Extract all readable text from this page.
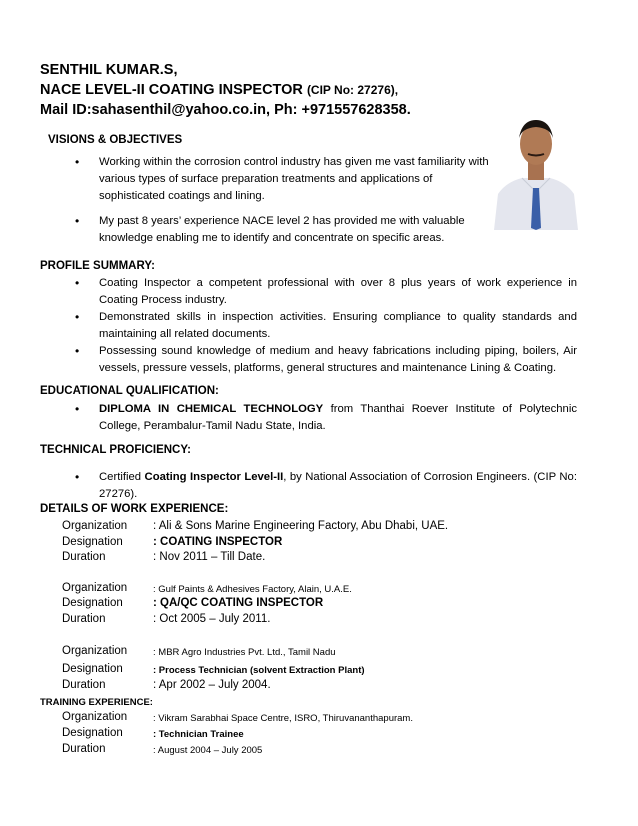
SENTHIL KUMAR.S,
NACE LEVEL-II COATING INSPECTOR (CIP No: 27276),
Mail ID:sahasenthil@yahoo.co.in, Ph: +971557628358.
VISIONS & OBJECTIVES
• Working within the corrosion control industry has given me vast familiarity with various types of surface preparation treatments and applications of sophisticated coatings and lining.
• My past 8 years’ experience NACE level 2 has provided me with valuable knowledge enabling me to identify and concentrate on specific areas.
PROFILE SUMMARY:
• Coating Inspector a competent professional with over 8 plus years of work experience in Coating Process industry.
• Demonstrated skills in inspection activities. Ensuring compliance to quality standards and maintaining all related documents.
• Possessing sound knowledge of medium and heavy fabrications including piping, boilers, Air vessels, pressure vessels, platforms, general structures and maintenance Lining & Coating.
EDUCATIONAL QUALIFICATION:
• DIPLOMA IN CHEMICAL TECHNOLOGY from Thanthai Roever Institute of Polytechnic College, Perambalur-Tamil Nadu State, India.
TECHNICAL PROFICIENCY:
• Certified Coating Inspector Level-II, by National Association of Corrosion Engineers. (CIP No: 27276).
DETAILS OF WORK EXPERIENCE:
Organization : Ali & Sons Marine Engineering Factory, Abu Dhabi, UAE.
Designation	: COATING INSPECTOR
Duration	: Nov 2011 – Till Date.
Organization	: Gulf Paints & Adhesives Factory, Alain, U.A.E.
Designation	: QA/QC COATING INSPECTOR
Duration	: Oct 2005 – July 2011.
Organization	: MBR Agro Industries Pvt. Ltd., Tamil Nadu
Designation	: Process Technician (solvent Extraction Plant)
Duration	: Apr 2002 – July 2004.
TRAINING EXPERIENCE:
Organization	: Vikram Sarabhai Space Centre, ISRO, Thiruvananthapuram.
Designation	: Technician Trainee
Duration	: August 2004 – July 2005
